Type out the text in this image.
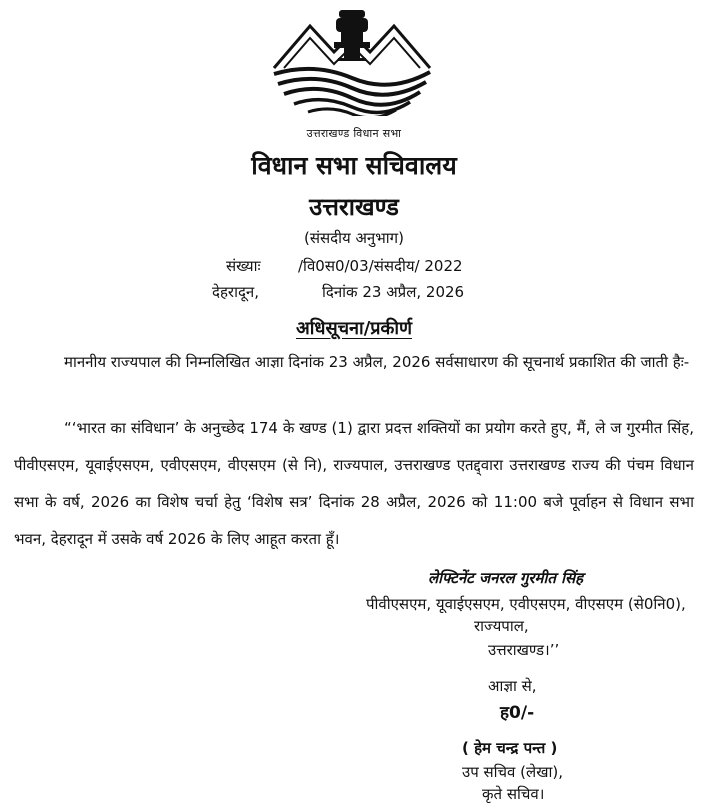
उत्तराखण्ड विधान सभा
विधान सभा सचिवालय
उत्तराखण्ड
(संसदीय अनुभाग)
संख्याः /वि0स0/03/संसदीय/ 2022
देहरादून,	दिनांक 23 अप्रैल, 2026
अधिसूचना/प्रकीर्ण
माननीय राज्यपाल की निम्नलिखित आज्ञा दिनांक 23 अप्रैल, 2026 सर्वसाधारण की सूचनार्थ प्रकाशित की जाती हैः-
“‘भारत का संविधान’ के अनुच्छेद 174 के खण्ड (1) द्वारा प्रदत्त शक्तियों का प्रयोग करते हुए, मैं, ले ज गुरमीत सिंह, पीवीएसएम, यूवाईएसएम, एवीएसएम, वीएसएम (से नि), राज्यपाल, उत्तराखण्ड एतद्द्वारा उत्तराखण्ड राज्य की पंचम विधान सभा के वर्ष, 2026 का विशेष चर्चा हेतु ‘विशेष सत्र’ दिनांक 28 अप्रैल, 2026 को 11:00 बजे पूर्वाहन से विधान सभा भवन, देहरादून में उसके वर्ष 2026 के लिए आहूत करता हूँ।
लेफ्टिनेंट जनरल गुरमीत सिंह
पीवीएसएम, यूवाईएसएम, एवीएसएम, वीएसएम (से0नि0),
राज्यपाल,
उत्तराखण्ड।’’
आज्ञा से,
ह0/-
( हेम चन्द्र पन्त )
उप सचिव (लेखा),
कृते सचिव।
